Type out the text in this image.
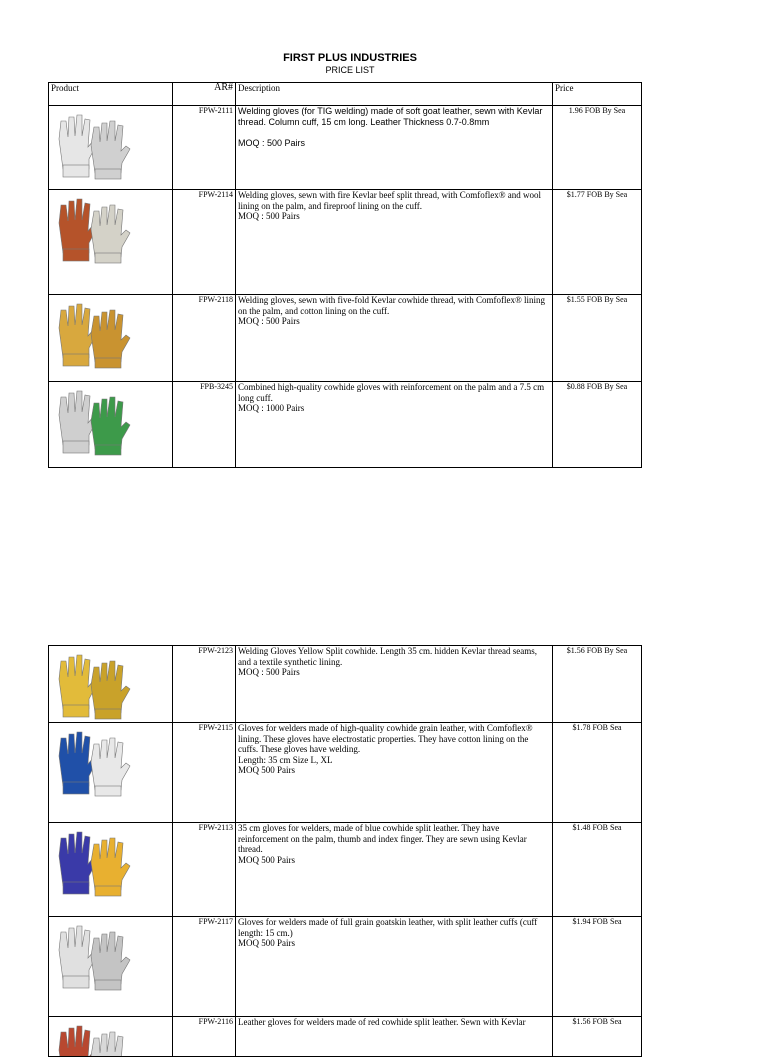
FIRST PLUS INDUSTRIES
PRICE LIST
Product	AR#	Description	Price

	FPW-2111	Welding gloves (for TIG welding) made of soft goat leather, sewn with Kevlar thread. Column cuff, 15 cm long. Leather Thickness 0.7-0.8mm

MOQ : 500 Pairs	1.96 FOB By Sea

	FPW-2114	Welding gloves, sewn with fire Kevlar beef split thread, with Comfoflex® and wool lining on the palm, and fireproof lining on the cuff.
MOQ : 500 Pairs	$1.77 FOB By Sea

	FPW-2118	Welding gloves, sewn with five-fold Kevlar cowhide thread, with Comfoflex® lining on the palm, and cotton lining on the cuff.
MOQ : 500 Pairs	$1.55 FOB By Sea

	FPB-3245	Combined high-quality cowhide gloves with reinforcement on the palm and a 7.5 cm long cuff.
MOQ : 1000 Pairs	$0.88 FOB By Sea
	FPW-2123	Welding Gloves Yellow Split cowhide. Length 35 cm. hidden Kevlar thread seams, and a textile synthetic lining.
MOQ : 500 Pairs	$1.56 FOB By Sea

	FPW-2115	Gloves for welders made of high-quality cowhide grain leather, with Comfoflex® lining. These gloves have electrostatic properties. They have cotton lining on the cuffs. These gloves have welding.
Length: 35 cm Size L, XL
MOQ 500 Pairs	$1.78 FOB Sea

	FPW-2113	35 cm gloves for welders, made of blue cowhide split leather. They have reinforcement on the palm, thumb and index finger. They are sewn using Kevlar thread.
MOQ 500 Pairs	$1.48 FOB Sea

	FPW-2117	Gloves for welders made of full grain goatskin leather, with split leather cuffs (cuff length: 15 cm.)
MOQ 500 Pairs	$1.94 FOB Sea

	FPW-2116	Leather gloves for welders made of red cowhide split leather. Sewn with Kevlar	$1.56 FOB Sea
